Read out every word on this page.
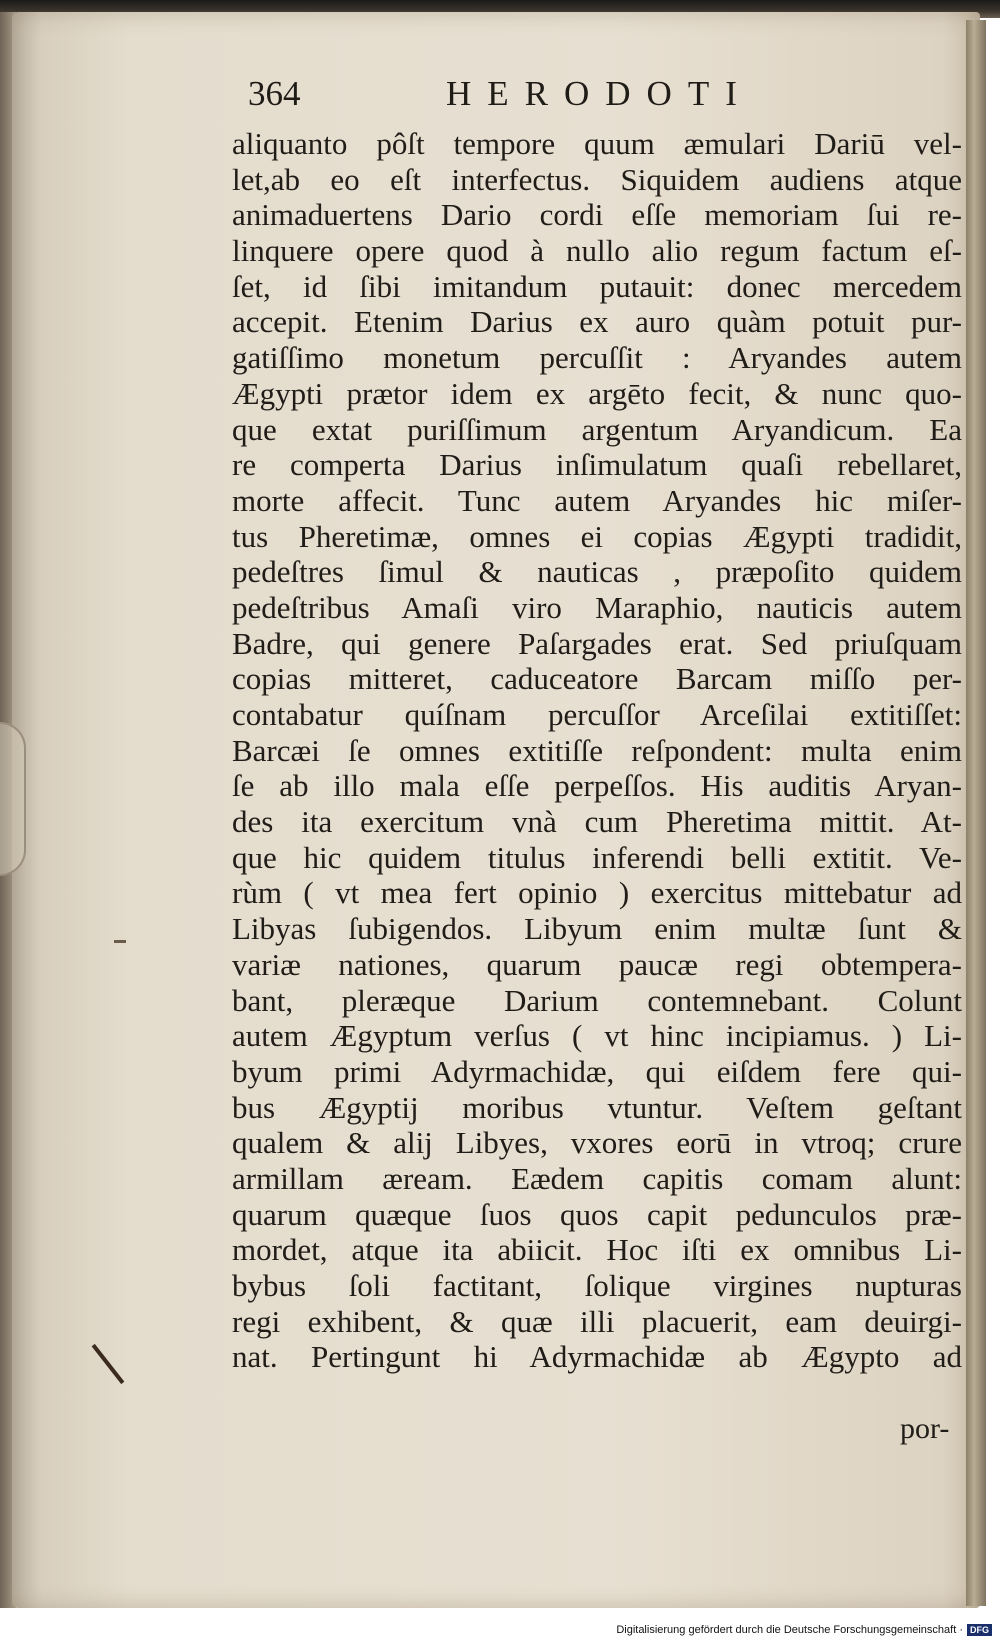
364	HERODOTI
aliquanto pôſt tempore quum æmulari Dariū vel-
let,ab eo eſt interfectus. Siquidem audiens atque
animaduertens Dario cordi eſſe memoriam ſui re-
linquere opere quod à nullo alio regum factum eſ-
ſet, id ſibi imitandum putauit: donec mercedem
accepit. Etenim Darius ex auro quàm potuit pur-
gatiſſimo monetum percuſſit : Aryandes autem
Ægypti prætor idem ex argēto fecit, & nunc quo-
que extat puriſſimum argentum Aryandicum. Ea
re comperta Darius inſimulatum quaſi rebellaret,
morte affecit. Tunc autem Aryandes hic miſer-
tus Pheretimæ, omnes ei copias Ægypti tradidit,
pedeſtres ſimul & nauticas , præpoſito quidem
pedeſtribus Amaſi viro Maraphio, nauticis autem
Badre, qui genere Paſargades erat. Sed priuſquam
copias mitteret, caduceatore Barcam miſſo per-
contabatur quíſnam percuſſor Arceſilai extitiſſet:
Barcæi ſe omnes extitiſſe reſpondent: multa enim
ſe ab illo mala eſſe perpeſſos. His auditis Aryan-
des ita exercitum vnà cum Pheretima mittit. At-
que hic quidem titulus inferendi belli extitit. Ve-
rùm ( vt mea fert opinio ) exercitus mittebatur ad
Libyas ſubigendos. Libyum enim multæ ſunt &
variæ nationes, quarum paucæ regi obtempera-
bant, pleræque Darium contemnebant. Colunt
autem Ægyptum verſus ( vt hinc incipiamus. ) Li-
byum primi Adyrmachidæ, qui eiſdem fere qui-
bus Ægyptij moribus vtuntur. Veſtem geſtant
qualem & alij Libyes, vxores eorū in vtroq; crure
armillam æream. Eædem capitis comam alunt:
quarum quæque ſuos quos capit pedunculos præ-
mordet, atque ita abiicit. Hoc iſti ex omnibus Li-
bybus ſoli factitant, ſolique virgines nupturas
regi exhibent, & quæ illi placuerit, eam deuirgi-
nat. Pertingunt hi Adyrmachidæ ab Ægypto ad
por-
Digitalisierung gefördert durch die Deutsche Forschungsgemeinschaft · DFG
